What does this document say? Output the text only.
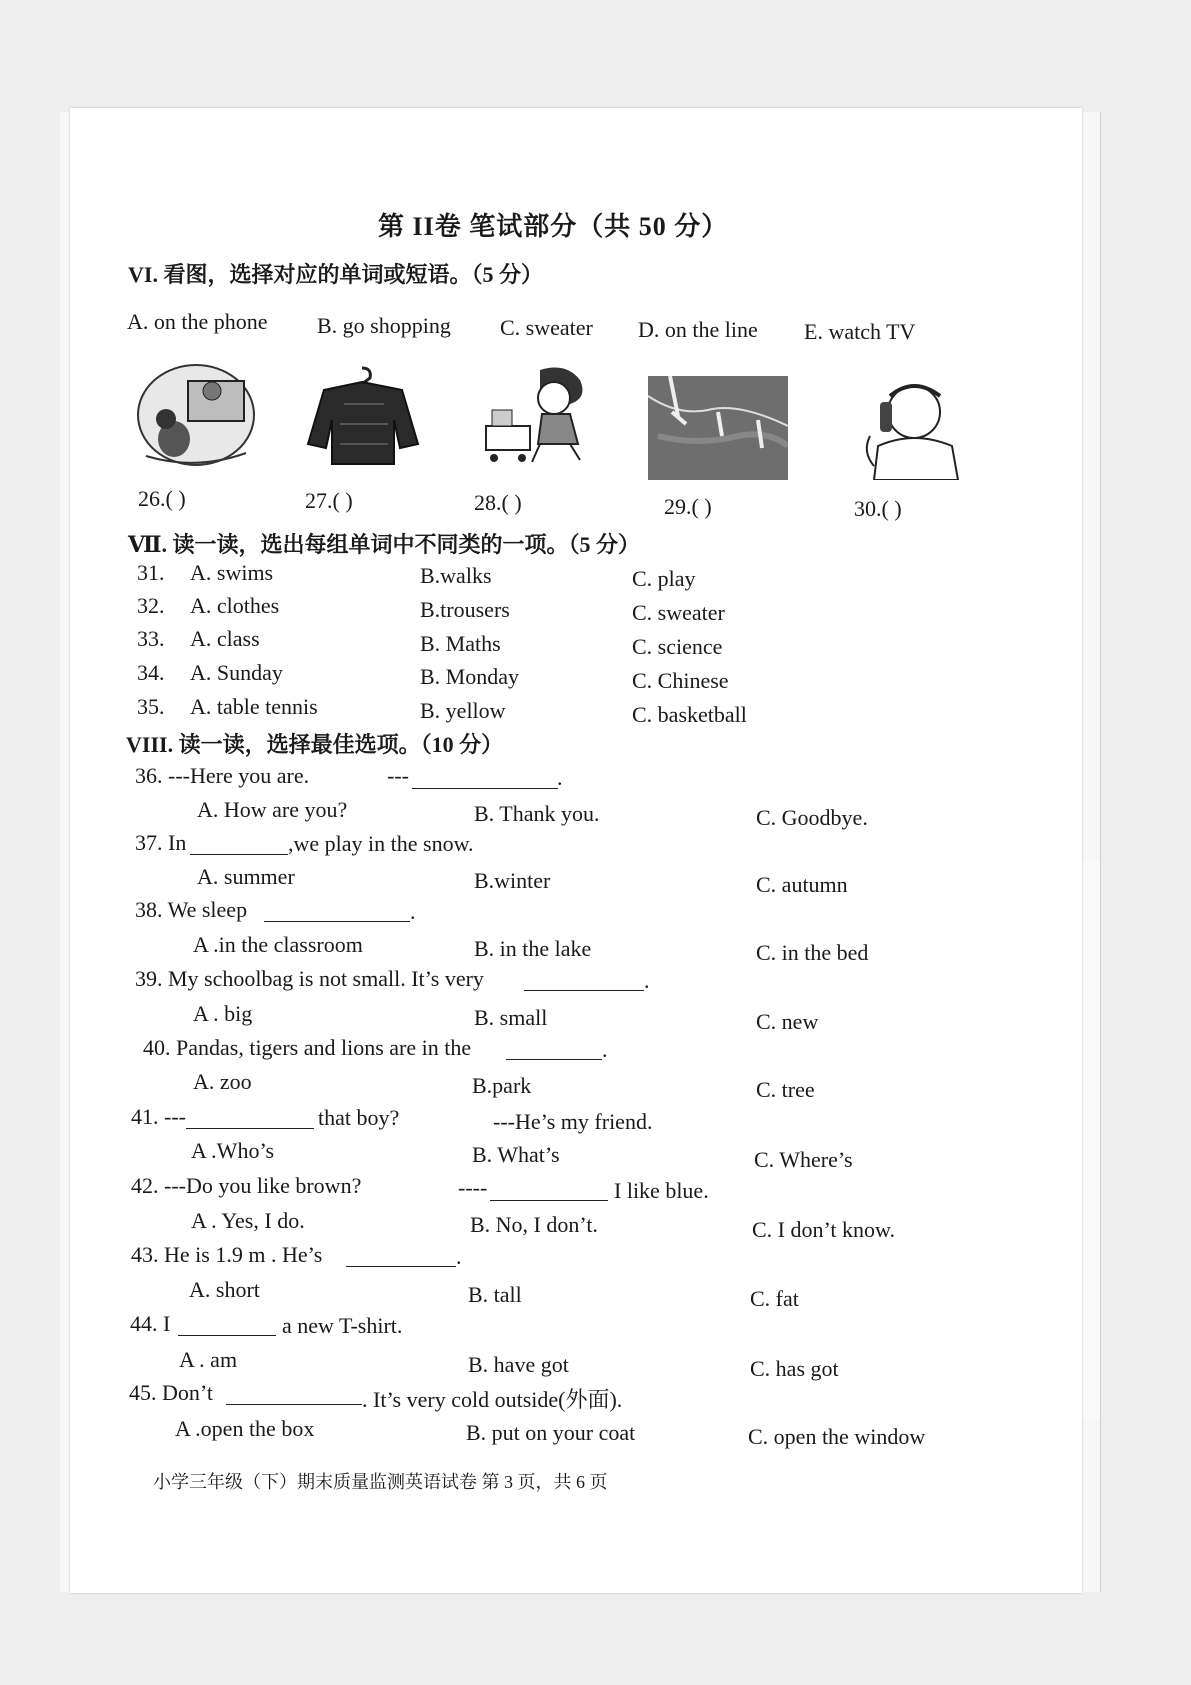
第 II卷 笔试部分（共 50 分）
VI. 看图，选择对应的单词或短语。（5 分）
A. on the phone B. go shopping C. sweater D. on the line E. watch TV
26.( )	27.( )	28.( )	29.( )	30.( )
Ⅶ. 读一读，选出每组单词中不同类的一项。（5 分）
31. A. swims	B.walks	C. play
32. A. clothes	B.trousers	C. sweater
33. A. class	B. Maths	C. science
34. A. Sunday	B. Monday	C. Chinese
35. A. table tennis	B. yellow	C. basketball
VIII. 读一读，选择最佳选项。（10 分）
36. ---Here you are.	---	.
A. How are you?	B. Thank you.	C. Goodbye.
37. In	,we play in the snow.
A. summer	B.winter	C. autumn
38. We sleep	.
A .in the classroom	B. in the lake	C. in the bed
39. My schoolbag is not small. It’s very	.
A . big	B. small	C. new
40. Pandas, tigers and lions are in the	.
A. zoo	B.park	C. tree
41. ---	that boy?	---He’s my friend.
A .Who’s	B. What’s	C. Where’s
42. ---Do you like brown?	----	I like blue.
A . Yes, I do.	B. No, I don’t.	C. I don’t know.
43. He is 1.9 m . He’s	.
A. short	B. tall	C. fat
44. I	a new T-shirt.
A . am	B. have got	C. has got
45. Don’t	. It’s very cold outside(外面).
A .open the box	B. put on your coat	C. open the window
小学三年级（下）期末质量监测英语试卷 第 3 页，共 6 页
